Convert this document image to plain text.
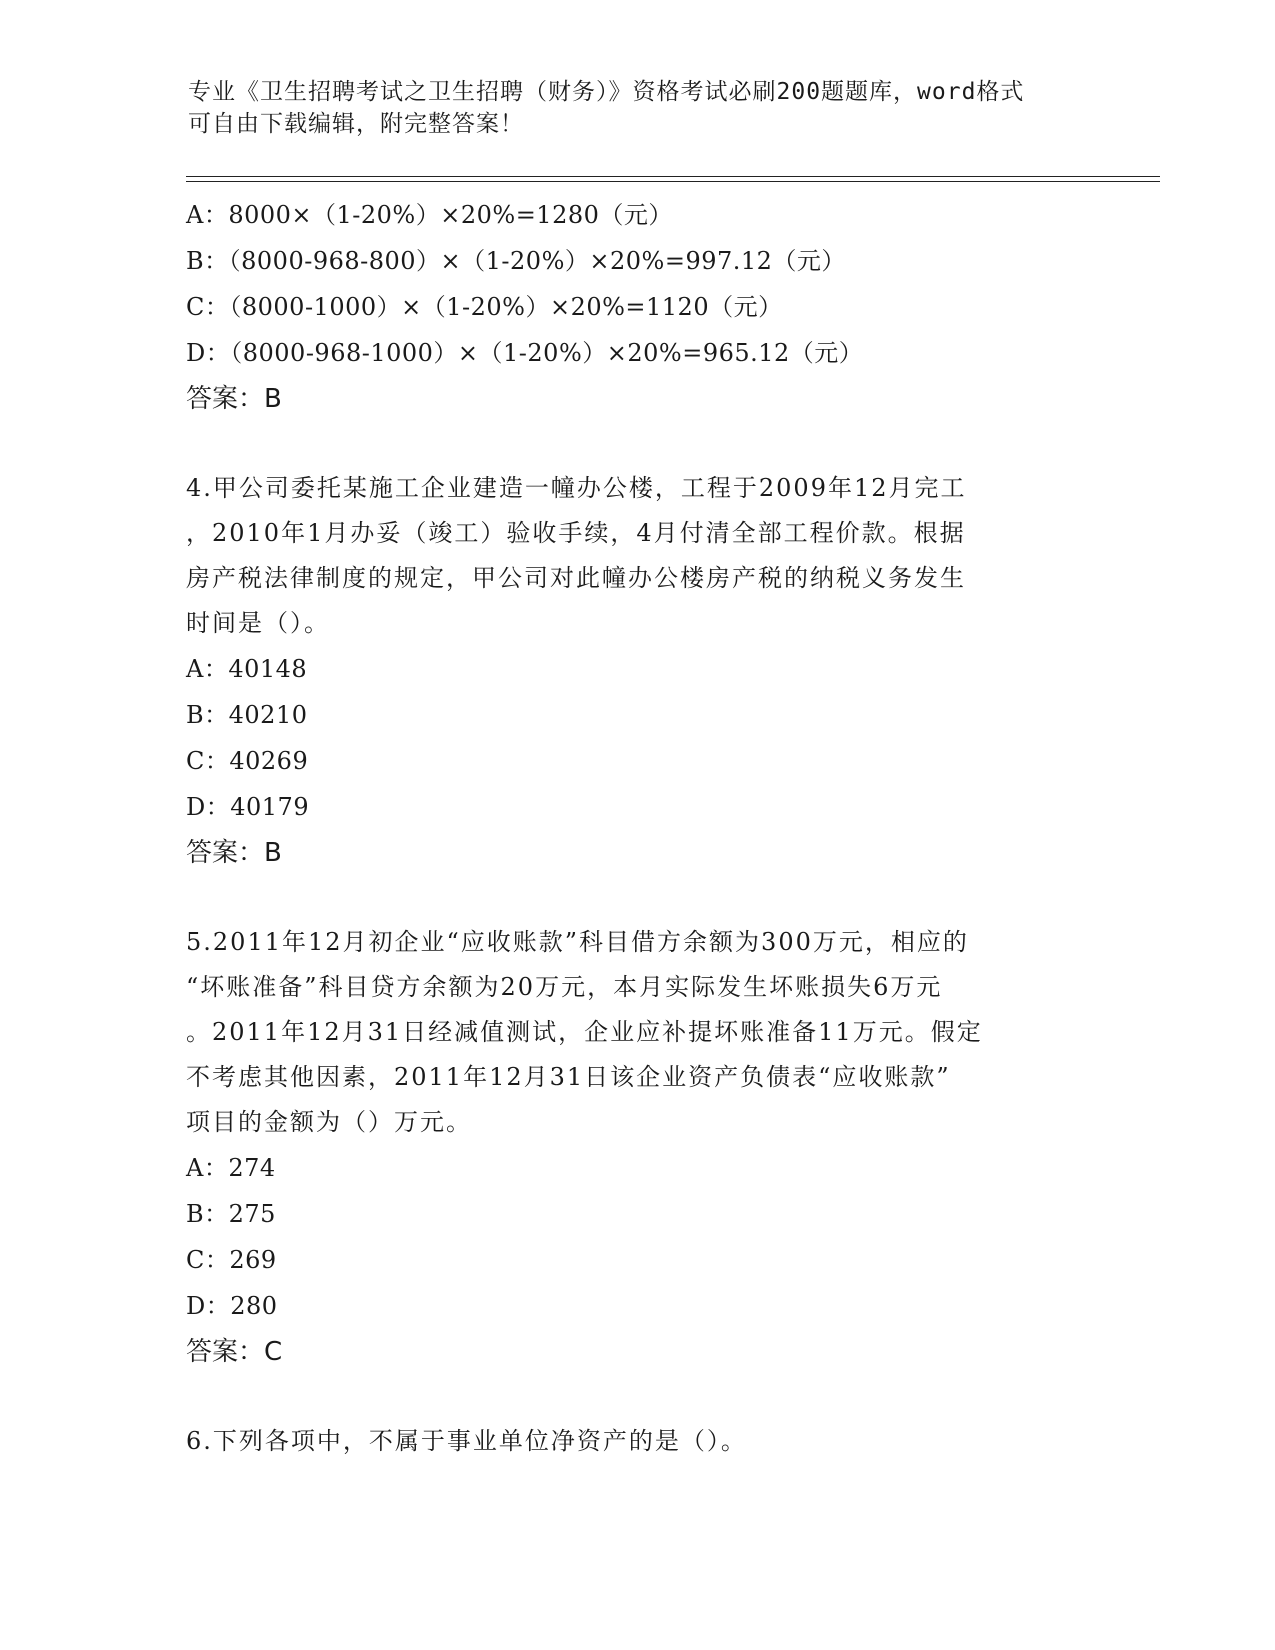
专业《卫生招聘考试之卫生招聘（财务）》资格考试必刷200题题库，word格式
可自由下载编辑，附完整答案！
A：8000×（1-20%）×20%=1280（元）
B：（8000-968-800）×（1-20%）×20%=997.12（元）
C：（8000-1000）×（1-20%）×20%=1120（元）
D：（8000-968-1000）×（1-20%）×20%=965.12（元）
答案：B
4.甲公司委托某施工企业建造一幢办公楼，工程于2009年12月完工
，2010年1月办妥（竣工）验收手续，4月付清全部工程价款。根据
房产税法律制度的规定，甲公司对此幢办公楼房产税的纳税义务发生
时间是（）。
A：40148
B：40210
C：40269
D：40179
答案：B
5.2011年12月初企业“应收账款”科目借方余额为300万元，相应的
“坏账准备”科目贷方余额为20万元，本月实际发生坏账损失6万元
。2011年12月31日经减值测试，企业应补提坏账准备11万元。假定
不考虑其他因素，2011年12月31日该企业资产负债表“应收账款”
项目的金额为（）万元。
A：274
B：275
C：269
D：280
答案：C
6.下列各项中，不属于事业单位净资产的是（）。
